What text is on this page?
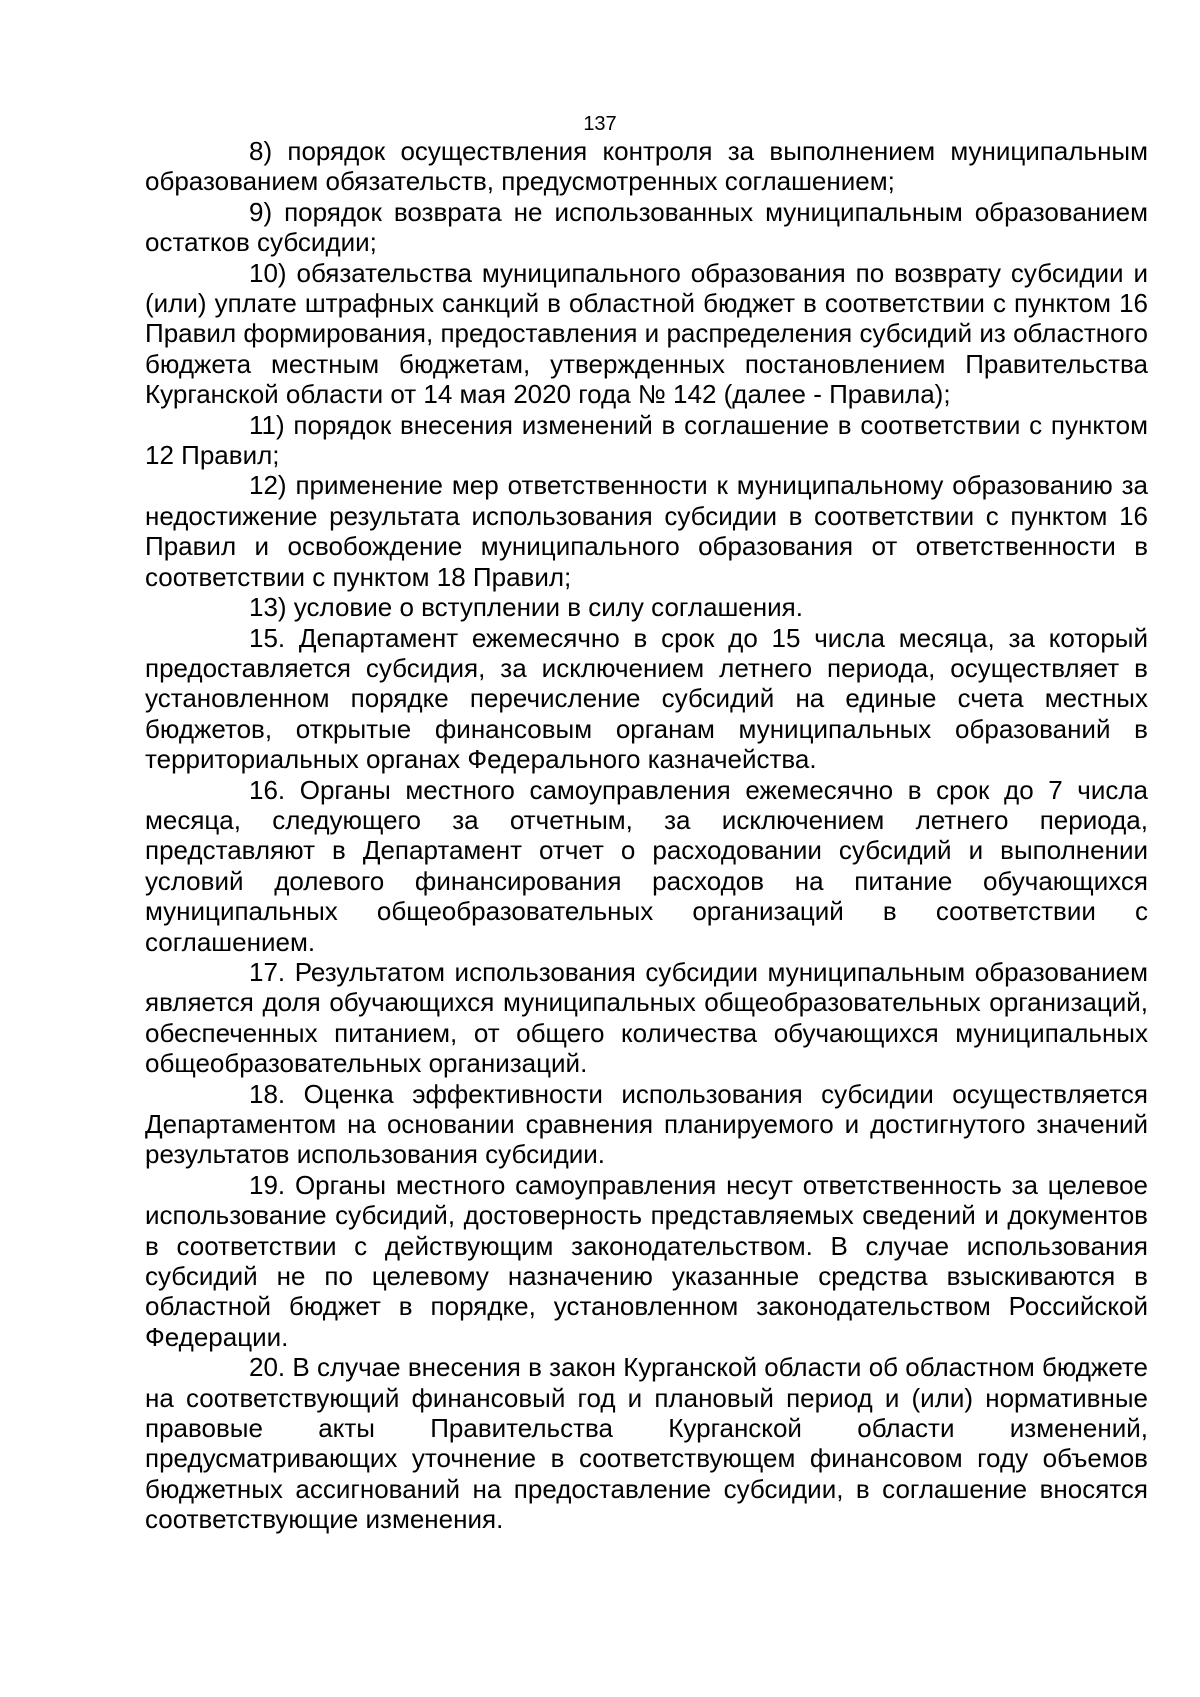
137

8) порядок осуществления контроля за выполнением муниципальным образованием обязательств, предусмотренных соглашением;

9) порядок возврата не использованных муниципальным образованием остатков субсидии;

10) обязательства муниципального образования по возврату субсидии и (или) уплате штрафных санкций в областной бюджет в соответствии с пунктом 16 Правил формирования, предоставления и распределения субсидий из областного бюджета местным бюджетам, утвержденных постановлением Правительства Курганской области от 14 мая 2020 года № 142 (далее - Правила);

11) порядок внесения изменений в соглашение в соответствии с пунктом 12 Правил;

12) применение мер ответственности к муниципальному образованию за недостижение результата использования субсидии в соответствии с пунктом 16 Правил и освобождение муниципального образования от ответственности в соответствии с пунктом 18 Правил;

13) условие о вступлении в силу соглашения.

15. Департамент ежемесячно в срок до 15 числа месяца, за который предоставляется субсидия, за исключением летнего периода, осуществляет в установленном порядке перечисление субсидий на единые счета местных бюджетов, открытые финансовым органам муниципальных образований в территориальных органах Федерального казначейства.

16. Органы местного самоуправления ежемесячно в срок до 7 числа месяца, следующего за отчетным, за исключением летнего периода, представляют в Департамент отчет о расходовании субсидий и выполнении условий долевого финансирования расходов на питание обучающихся муниципальных общеобразовательных организаций в соответствии с соглашением.

17. Результатом использования субсидии муниципальным образованием является доля обучающихся муниципальных общеобразовательных организаций, обеспеченных питанием, от общего количества обучающихся муниципальных общеобразовательных организаций.

18. Оценка эффективности использования субсидии осуществляется Департаментом на основании сравнения планируемого и достигнутого значений результатов использования субсидии.

19. Органы местного самоуправления несут ответственность за целевое использование субсидий, достоверность представляемых сведений и документов в соответствии с действующим законодательством. В случае использования субсидий не по целевому назначению указанные средства взыскиваются в областной бюджет в порядке, установленном законодательством Российской Федерации.

20. В случае внесения в закон Курганской области об областном бюджете на соответствующий финансовый год и плановый период и (или) нормативные правовые акты Правительства Курганской области изменений, предусматривающих уточнение в соответствующем финансовом году объемов бюджетных ассигнований на предоставление субсидии, в соглашение вносятся соответствующие изменения.
